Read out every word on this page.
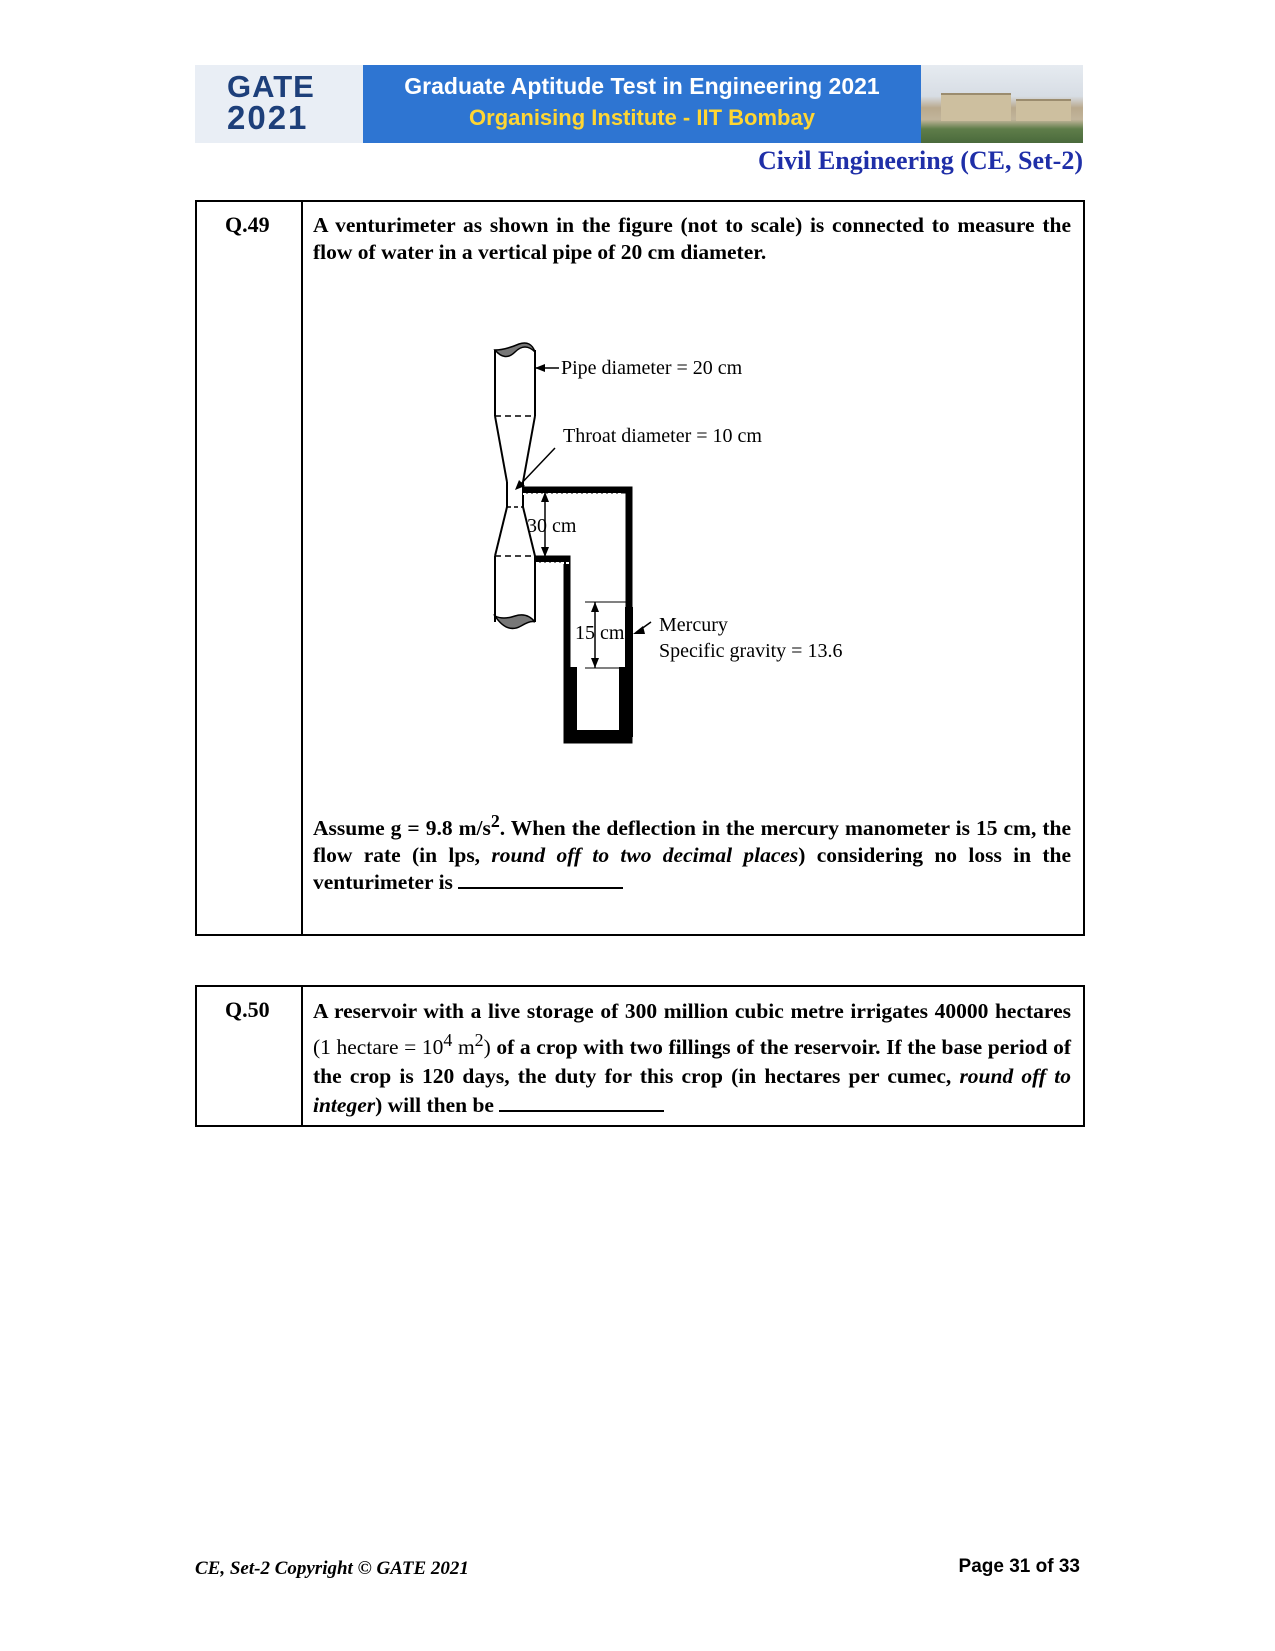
GATE
2021
Graduate Aptitude Test in Engineering 2021
Organising Institute - IIT Bombay
Civil Engineering (CE, Set-2)
Q.49 A venturimeter as shown in the figure (not to scale) is connected to measure the flow of water in a vertical pipe of 20 cm diameter.
Pipe diameter = 20 cm
Throat diameter = 10 cm
30 cm
15 cm Mercury
Specific gravity = 13.6
Assume g = 9.8 $m/s^2$. When the deflection in the mercury manometer is 15 cm, the flow rate (in lps, round off to two decimal places) considering no loss in the venturimeter is
Q.50 A reservoir with a live storage of 300 million cubic metre irrigates 40000 hectares (1 hectare = $10^4$ $m^2$) of a crop with two fillings of the reservoir. If the base period of the crop is 120 days, the duty for this crop (in hectares per cumec, round off to integer) will then be
CE, Set-2 Copyright © GATE 2021	Page 31 of 33
